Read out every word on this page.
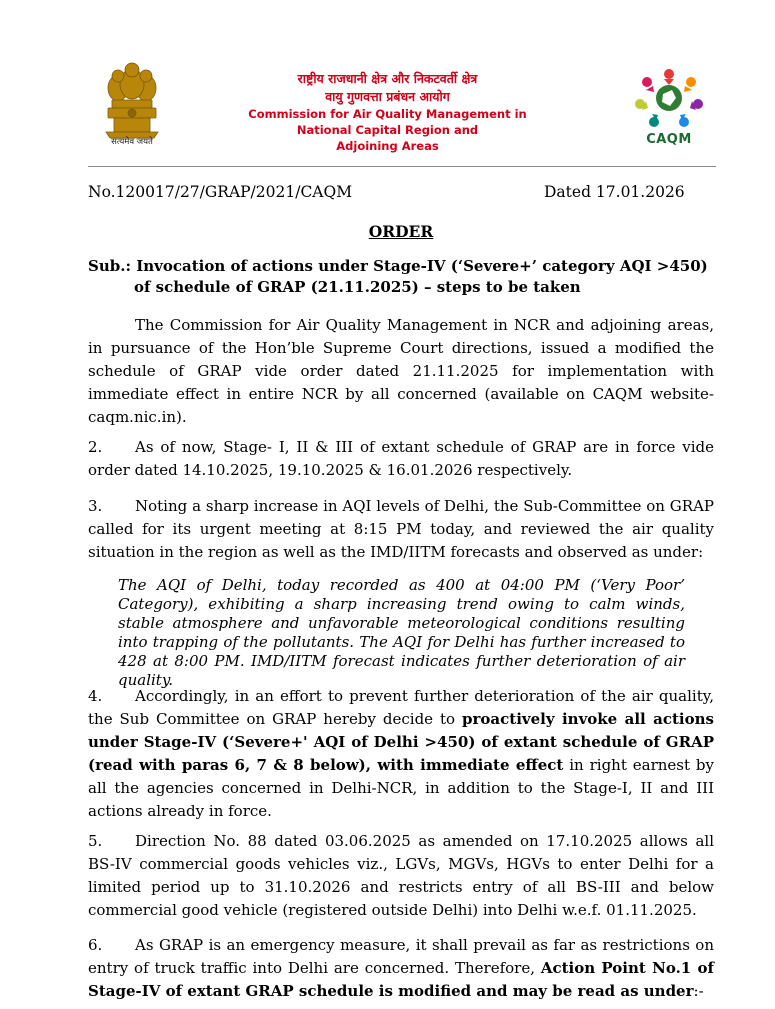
सत्यमेव जयते
राष्ट्रीय राजधानी क्षेत्र और निकटवर्ती क्षेत्र
वायु गुणवत्ता प्रबंधन आयोग
Commission for Air Quality Management in
National Capital Region and
Adjoining Areas	CAQM
No.120017/27/GRAP/2021/CAQM	Dated 17.01.2026
ORDER
Sub.: Invocation of actions under Stage-IV (‘Severe+’ category AQI >450) of schedule of GRAP (21.11.2025) – steps to be taken
The Commission for Air Quality Management in NCR and adjoining areas, in pursuance of the Hon’ble Supreme Court directions, issued a modified the schedule of GRAP vide order dated 21.11.2025 for implementation with immediate effect in entire NCR by all concerned (available on CAQM website-caqm.nic.in).
2. As of now, Stage- I, II & III of extant schedule of GRAP are in force vide order dated 14.10.2025, 19.10.2025 & 16.01.2026 respectively.
3. Noting a sharp increase in AQI levels of Delhi, the Sub-Committee on GRAP called for its urgent meeting at 8:15 PM today, and reviewed the air quality situation in the region as well as the IMD/IITM forecasts and observed as under:
The AQI of Delhi, today recorded as 400 at 04:00 PM (‘Very Poor’ Category), exhibiting a sharp increasing trend owing to calm winds, stable atmosphere and unfavorable meteorological conditions resulting into trapping of the pollutants. The AQI for Delhi has further increased to 428 at 8:00 PM. IMD/IITM forecast indicates further deterioration of air quality.
4. Accordingly, in an effort to prevent further deterioration of the air quality, the Sub Committee on GRAP hereby decide to proactively invoke all actions under Stage-IV (‘Severe+' AQI of Delhi >450) of extant schedule of GRAP (read with paras 6, 7 & 8 below), with immediate effect in right earnest by all the agencies concerned in Delhi-NCR, in addition to the Stage-I, II and III actions already in force.
5. Direction No. 88 dated 03.06.2025 as amended on 17.10.2025 allows all BS-IV commercial goods vehicles viz., LGVs, MGVs, HGVs to enter Delhi for a limited period up to 31.10.2026 and restricts entry of all BS-III and below commercial good vehicle (registered outside Delhi) into Delhi w.e.f. 01.11.2025.
6. As GRAP is an emergency measure, it shall prevail as far as restrictions on entry of truck traffic into Delhi are concerned. Therefore, Action Point No.1 of Stage-IV of extant GRAP schedule is modified and may be read as under:-
